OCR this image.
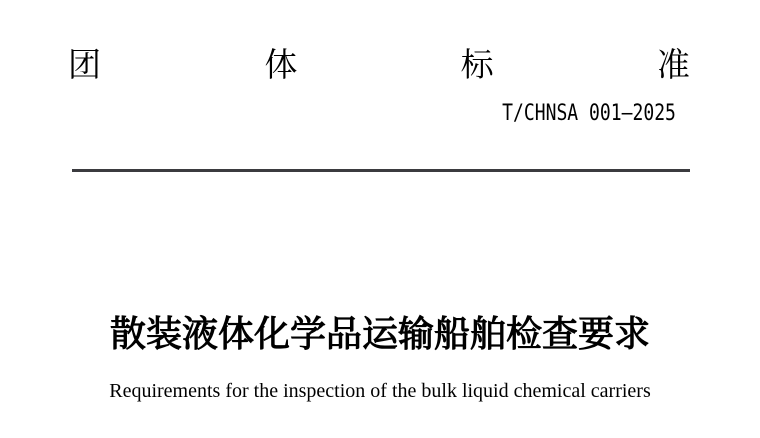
团	体	标	准
T/CHNSA 001—2025
散装液体化学品运输船舶检查要求
Requirements for the inspection of the bulk liquid chemical carriers
